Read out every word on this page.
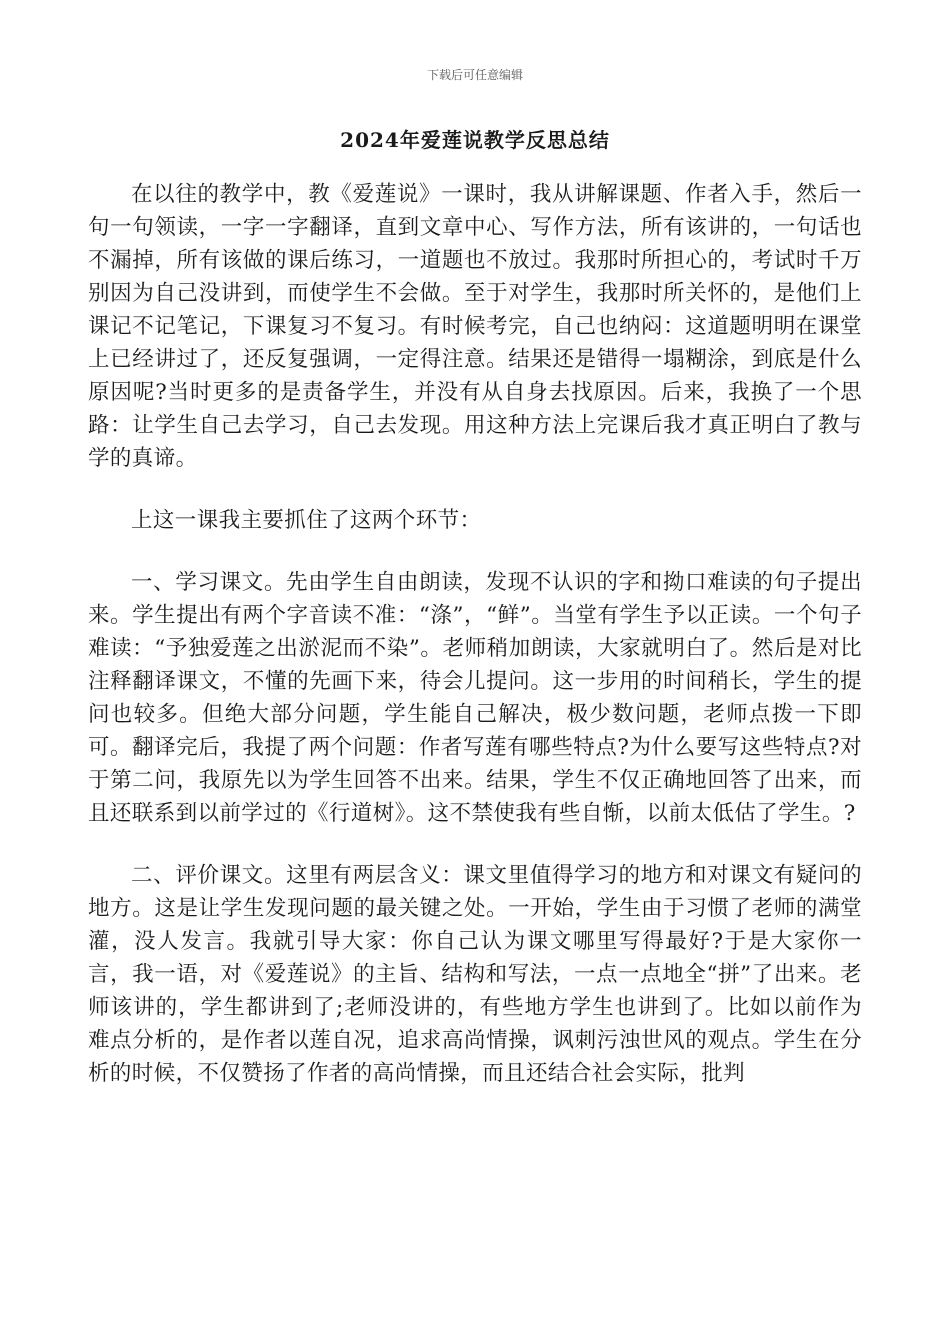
下载后可任意编辑
2024年爱莲说教学反思总结

在以往的教学中，教《爱莲说》一课时，我从讲解课题、作者入手，然后一句一句领读，一字一字翻译，直到文章中心、写作方法，所有该讲的，一句话也不漏掉，所有该做的课后练习，一道题也不放过。我那时所担心的，考试时千万别因为自己没讲到，而使学生不会做。至于对学生，我那时所关怀的，是他们上课记不记笔记，下课复习不复习。有时候考完，自己也纳闷：这道题明明在课堂上已经讲过了，还反复强调，一定得注意。结果还是错得一塌糊涂，到底是什么原因呢?当时更多的是责备学生，并没有从自身去找原因。后来，我换了一个思路：让学生自己去学习，自己去发现。用这种方法上完课后我才真正明白了教与学的真谛。

上这一课我主要抓住了这两个环节：

一、学习课文。先由学生自由朗读，发现不认识的字和拗口难读的句子提出来。学生提出有两个字音读不准：“涤”，“鲜”。当堂有学生予以正读。一个句子难读：“予独爱莲之出淤泥而不染”。老师稍加朗读，大家就明白了。然后是对比注释翻译课文，不懂的先画下来，待会儿提问。这一步用的时间稍长，学生的提问也较多。但绝大部分问题，学生能自己解决，极少数问题，老师点拨一下即可。翻译完后，我提了两个问题：作者写莲有哪些特点?为什么要写这些特点?对于第二问，我原先以为学生回答不出来。结果，学生不仅正确地回答了出来，而且还联系到以前学过的《行道树》。这不禁使我有些自惭，以前太低估了学生。?

二、评价课文。这里有两层含义：课文里值得学习的地方和对课文有疑问的地方。这是让学生发现问题的最关键之处。一开始，学生由于习惯了老师的满堂灌，没人发言。我就引导大家：你自己认为课文哪里写得最好?于是大家你一言，我一语，对《爱莲说》的主旨、结构和写法，一点一点地全“拼”了出来。老师该讲的，学生都讲到了;老师没讲的，有些地方学生也讲到了。比如以前作为难点分析的，是作者以莲自况，追求高尚情操，讽刺污浊世风的观点。学生在分析的时候，不仅赞扬了作者的高尚情操，而且还结合社会实际，批判
